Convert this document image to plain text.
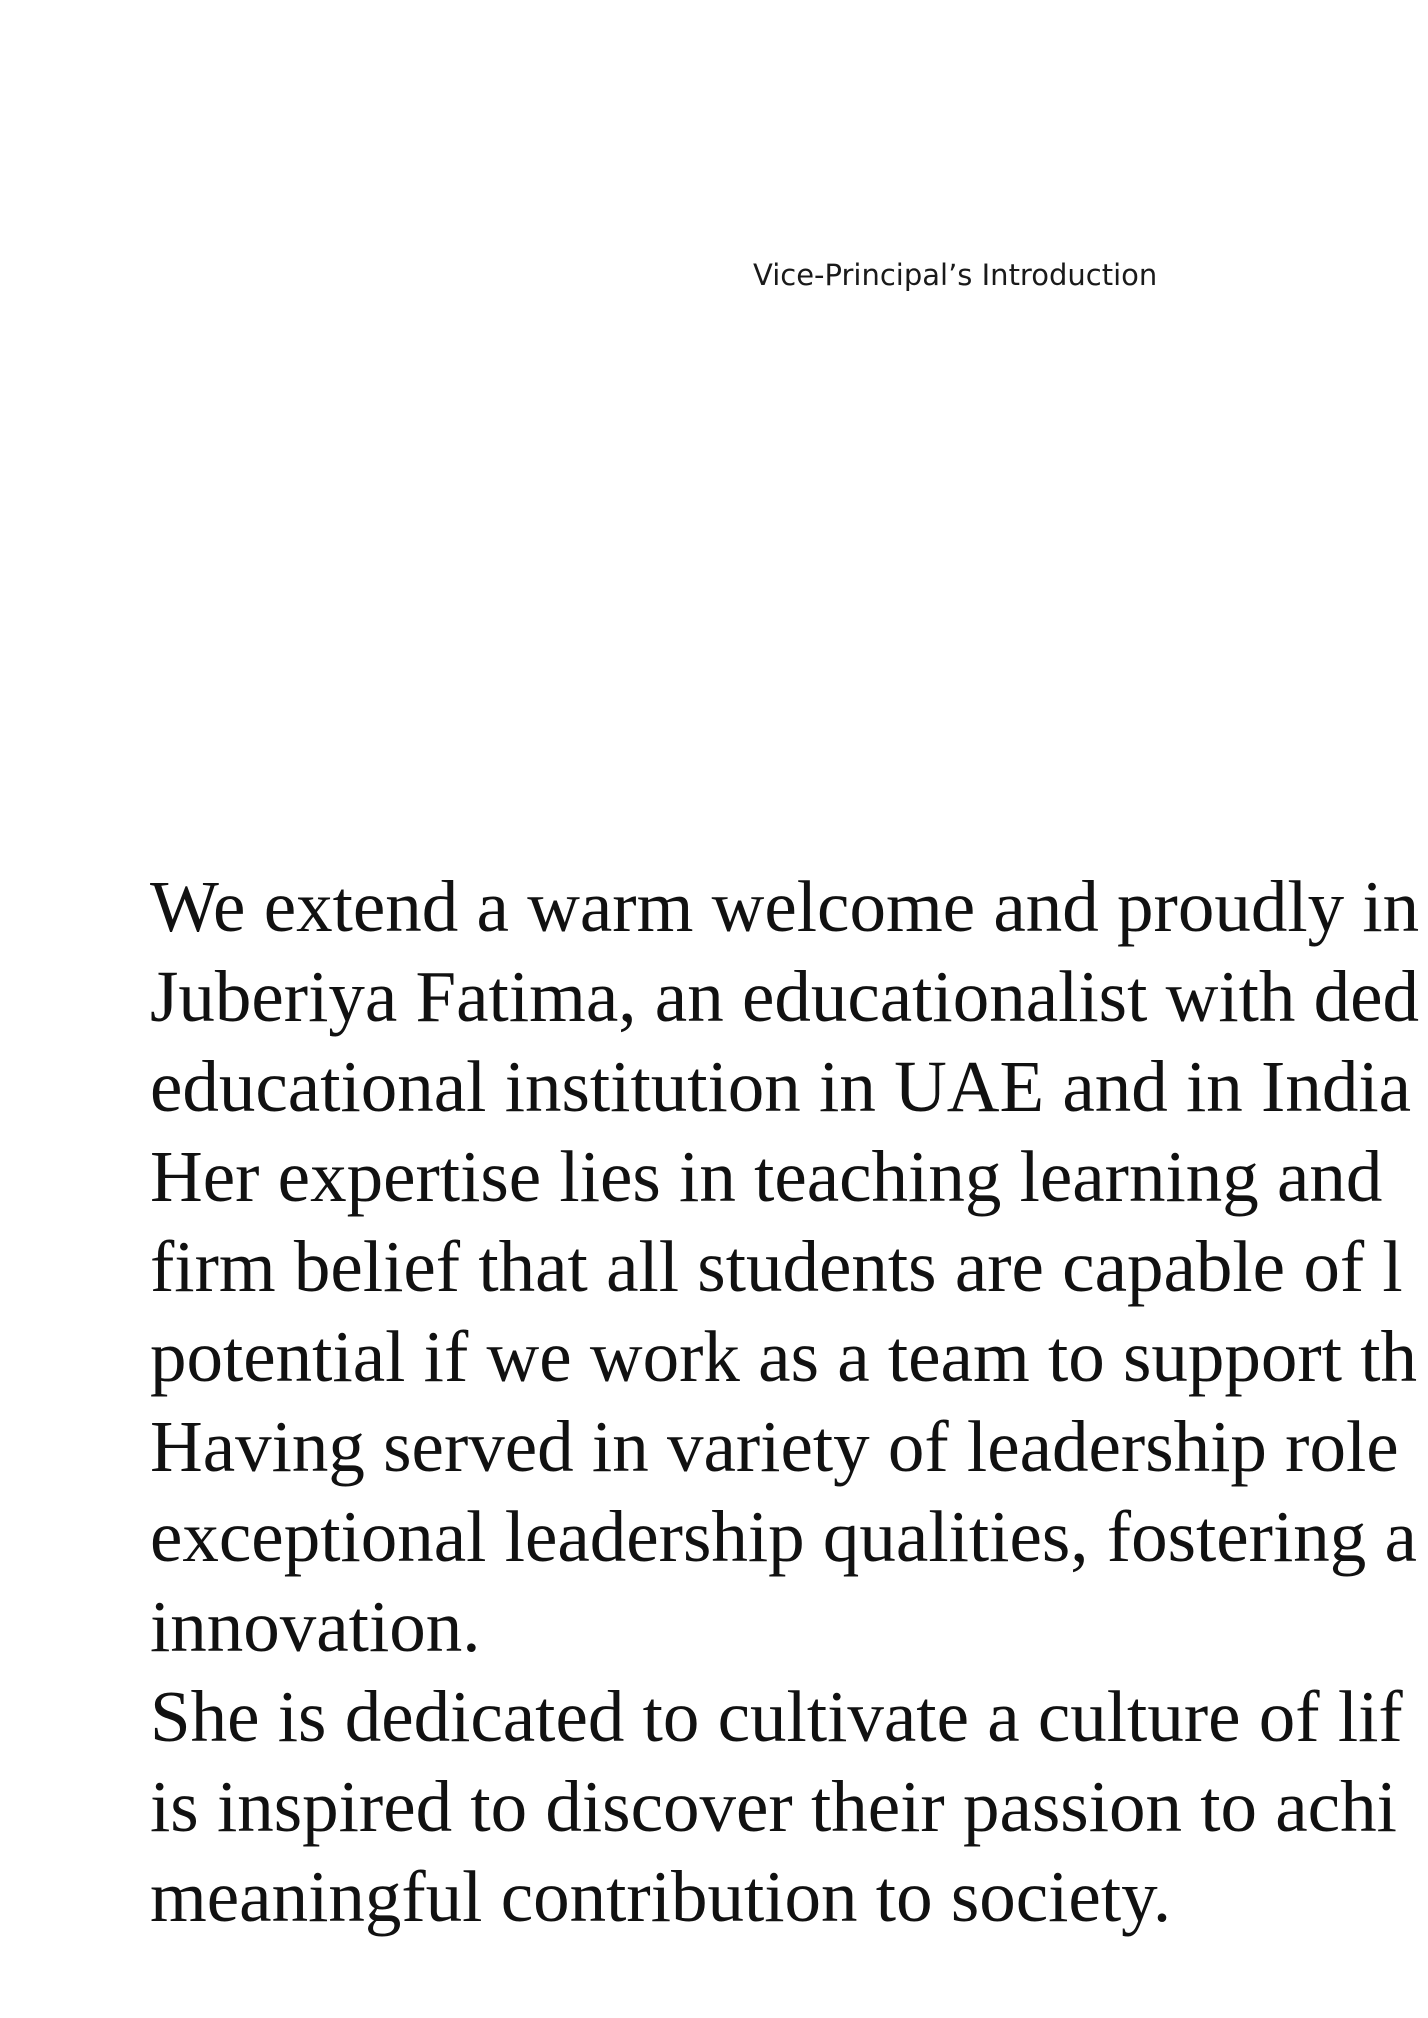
Vice-Principal’s Introduction
We extend a warm welcome and proudly in
Juberiya Fatima, an educationalist with ded
educational institution in UAE and in India
Her expertise lies in teaching learning and
firm belief that all students are capable of l
potential if we work as a team to support th
Having served in variety of leadership role
exceptional leadership qualities, fostering a
innovation.
She is dedicated to cultivate a culture of lif
is inspired to discover their passion to achi
meaningful contribution to society.
